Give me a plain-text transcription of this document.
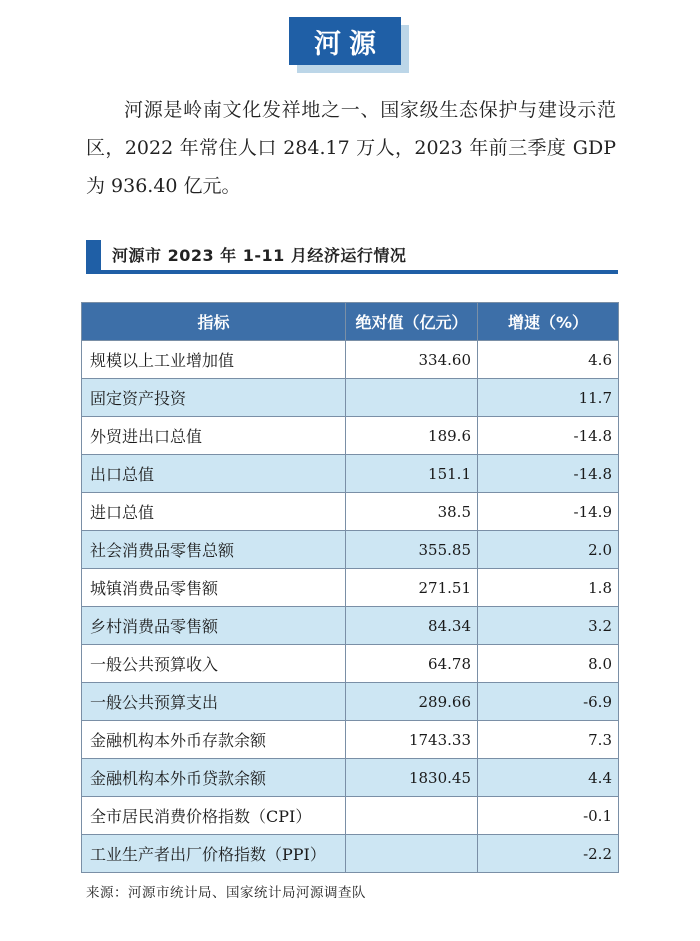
河源

河源是岭南文化发祥地之一、国家级生态保护与建设示范区，2022 年常住人口 284.17 万人，2023 年前三季度 GDP 为 936.40 亿元。

河源市 2023 年 1-11 月经济运行情况
指标	绝对值（亿元）	增速（%）
规模以上工业增加值	334.60	4.6
固定资产投资		11.7
外贸进出口总值	189.6	-14.8
出口总值	151.1	-14.8
进口总值	38.5	-14.9
社会消费品零售总额	355.85	2.0
城镇消费品零售额	271.51	1.8
乡村消费品零售额	84.34	3.2
一般公共预算收入	64.78	8.0
一般公共预算支出	289.66	-6.9
金融机构本外币存款余额	1743.33	7.3
金融机构本外币贷款余额	1830.45	4.4
全市居民消费价格指数（CPI）		-0.1
工业生产者出厂价格指数（PPI）		-2.2

来源：河源市统计局、国家统计局河源调查队
